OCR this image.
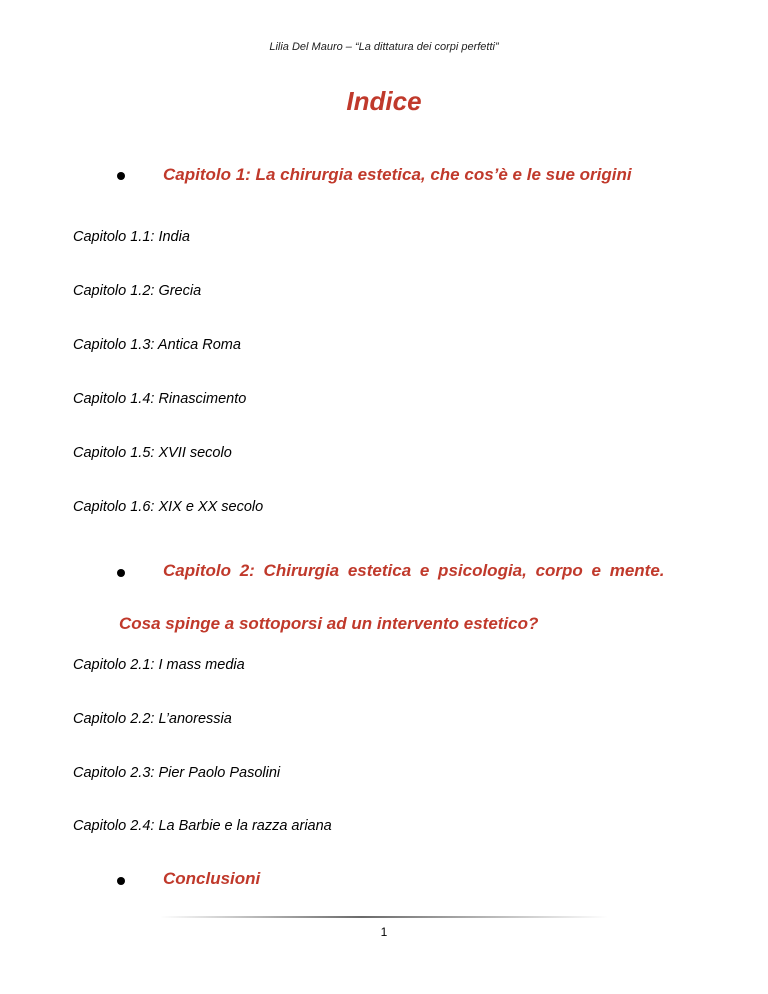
Lilia Del Mauro – “La dittatura dei corpi perfetti”
Indice
Capitolo 1: La chirurgia estetica, che cos’è e le sue origini
Capitolo 1.1: India
Capitolo 1.2: Grecia
Capitolo 1.3: Antica Roma
Capitolo 1.4: Rinascimento
Capitolo 1.5: XVII secolo
Capitolo 1.6: XIX e XX secolo
Capitolo 2: Chirurgia estetica e psicologia, corpo e mente.
Cosa spinge a sottoporsi ad un intervento estetico?
Capitolo 2.1: I mass media
Capitolo 2.2: L’anoressia
Capitolo 2.3: Pier Paolo Pasolini
Capitolo 2.4: La Barbie e la razza ariana
Conclusioni
1
